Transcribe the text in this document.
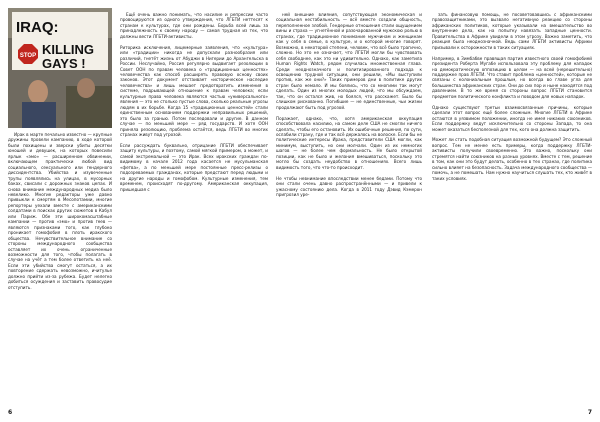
STOP
IRAQ:
KILLING
GAYS !

Ирак в марте печально известно — крупные дружины провели кампанию, в ходе которой были похищены и зверски убиты десятки юношей и девушек, на которых повесили ярлык «эмо» — расширенном обвинении, включающем практически любой вид социального, сексуального или гендерного диссидентства. Убийства и изувеченные трупы появлялись на улицах, в мусорных баках, свисали с дорожных знаков цепах. И снова внимание международных медиа было невелико. Многие редакторы уже давно привыкли к смертям в Месопотамии, многие репортеры уехали вместе с американскими солдатами в поисках других сюжетов в Кабул или Париж. Обе эти широкомасштабные кампании — против «эмо» и против геев — являются признаками того, как глубоко проникает гомофобия в плоть иракского общества. Нечувствительное внимание со стороны международного сообщества оставляет их очень ограниченные возможности для того, чтобы полагать в случае на учёт а тем более ответить на неё. Если эти убийства смогут остаться, а их повторение сдержать невозможно, ичитулье должно прийти из-за рубежа. Будет нелегко добиться осуждения и заставить правосудие отступить.

Ещё очень важно понимать, что насилие и репрессии часто провоцируются из одного утверждения, что ЛГБТИ неттесят к странам к культурах, где они рождены. Борьба всей лишь за принадлежность к своему народу — самая трудная из тех, что должны вести ЛГБТИ-активисты.

Риторика исключения, лицемерные заявления, что «культура» или «традиции» никогда не допускали разнообразия или различий, гнетёт жизнь от Абуджи в Нигерии до Архангельска в России. Неслучайно, Россия регулярно выдвигает резолюции в Совет ООН по правам человека о «традиционных ценностях» человечества как способ расширять правовую основу своих законов. Этот документ отстаивает «историческое наследие человечества» и лишь мешает предотвратить изменения в системе, подрывающей отношение к правам человека; если культурные права человека являются частью «универсального» явления — это не столько пустые слова, сколько реальные угрозы людям в их борьбе. Когда 15 «традиционных ценностей» стали единственным основанием поддержки неправильных решений, это было за гранью. Потом последовали и другие. В данном случае — по меньшей мере — ряд государств. И хотя ООН приняла резолюцию, проблема остаётся, ведь ЛГБТИ во многих странах живут под угрозой.

Если рассуждать буквально, отрицание ЛГБТИ обеспечивает защиту культуры, и поэтому, самой мягкой примером, а может, и самой экстремальной — это Ирак. Всех иракских граждан по-видимому в начале 2012 года касается не мусульманская «фетва», а по меньшей мере постоянные пресс-релизы о подозреваемых гражданах, которые предстают перед людьми и на другие народы и гомофобом. Культурные изменения, тем временем, происходят по-другому. Американская оккупация, пришедшая с
ней внешние влияния, сопутствующая экономическая и социальная нестабильность — всё вместе создали общность, переполненное злобой. Гендерные отношения стали ощущением вины и страха — угнетённой и разочарованной мужскою ролью в странах, где традиционное понимание мужчинам и женщинам как у себя в семье, в культуре, и о которой многие говорят. Возможно, в некоторой степени, человек, что всё было трагично, сложно. Но это не означает, что ЛГБТИ могли бы чувствовать себя свободнее, как это ни удивительно. Однако, как заметила Human Rights Watch, рядом случилась множественная глава. Среди неоднозначного и политизированного подхода к освещению трудной ситуации, они решили, «Мы выступили против, как же они?» Таких примеров дни в политике других стран было немало. И мы боялись, что со многими так могут сделать. Один из многих молодых людей, что мы обсуждаем, так, что он остался жив, но боялся, что расскажет. Было бы слишком рискованно. Погибшие — не единственные, чьи жизни продолжают быть под угрозой.

Поражает, однако, что, хотя американская оккупация способствовала насилию, на самом деле США не смогли ничего сделать, чтобы его остановить. Их ошибочные решения, по сути, ослабили страну, где и так всё держалось на волоске. Если бы не политические интересы Ирака, представители США могли, как минимум, выступить, но они молчали. Один из их немногих шагов — не более чем формальность. Не было открытой позиции, как не было и желания вмешиваться, поскольку это могло бы создать неудобство в отношениях. Всего лишь видимость того, что что-то происходит.

Не чтобы невнимание впоследствии менее бедами. Потому что они стали очень давно распространёнными — и привели к ужасному состоянию дела. Когда в 2011 году Дэвид Кэмерон пригрозил уре-
зать финансовую помощь, не посоветовавшись с африканскими правозащитниками, это вызвало негативную реакцию со стороны африканских политиков, которые указывали на вмешательство во внутренние дела, как на попытку навязать западные ценности. Правительства в Африке увидели в этом угрозу. Важно заметить, что реакция была неоднозначной. Ведь сами ЛГБТИ активисты Африки призывали к осторожности в таких ситуациях.

Например, в Зимбабве правящая партия известного своей гомофобией президента Роберта Мугабе использовала эту проблему для нападок на демократическую оппозицию в целом — на всей (нерешительно) поддержке прав ЛГБТИ. Что ставит проблема «ценностей», которые не связаны с колониальным прошлым, но всегда во главе угла для большинства африканских стран. Они до сих пор и ныне находятся под давлением. В то же время со стороны вопрос ЛГБТИ становится предметом политического конфликта и поводом для новых нападок.

Однако существуют третьи взаимосвязанные причины, которые сделали этот вопрос ещё более сложным. Многие ЛГБТИ в Африке остаются в уязвимом положении, иногда не имея никаких союзников. Если поддержку ведут исключительно со стороны Запада, то она может оказаться бесполезной для тех, кого она должна защитить.

Может ли стать подобная ситуация возможной будущем? Это сложный вопрос. Тем не менее есть примеры, когда поддержку ЛГБТИ-активисты получили своевременно. Это важно, поскольку они стремятся найти союзников на разных уровнях. Вместе с тем, решение в том, как они это будут делать, особенно в тех странах, где политика сильно влияет на безопасность. Задача международного сообщества — помочь, а не помешать. Нам нужно научиться слушать тех, кто живёт в таких условиях.
6	7
